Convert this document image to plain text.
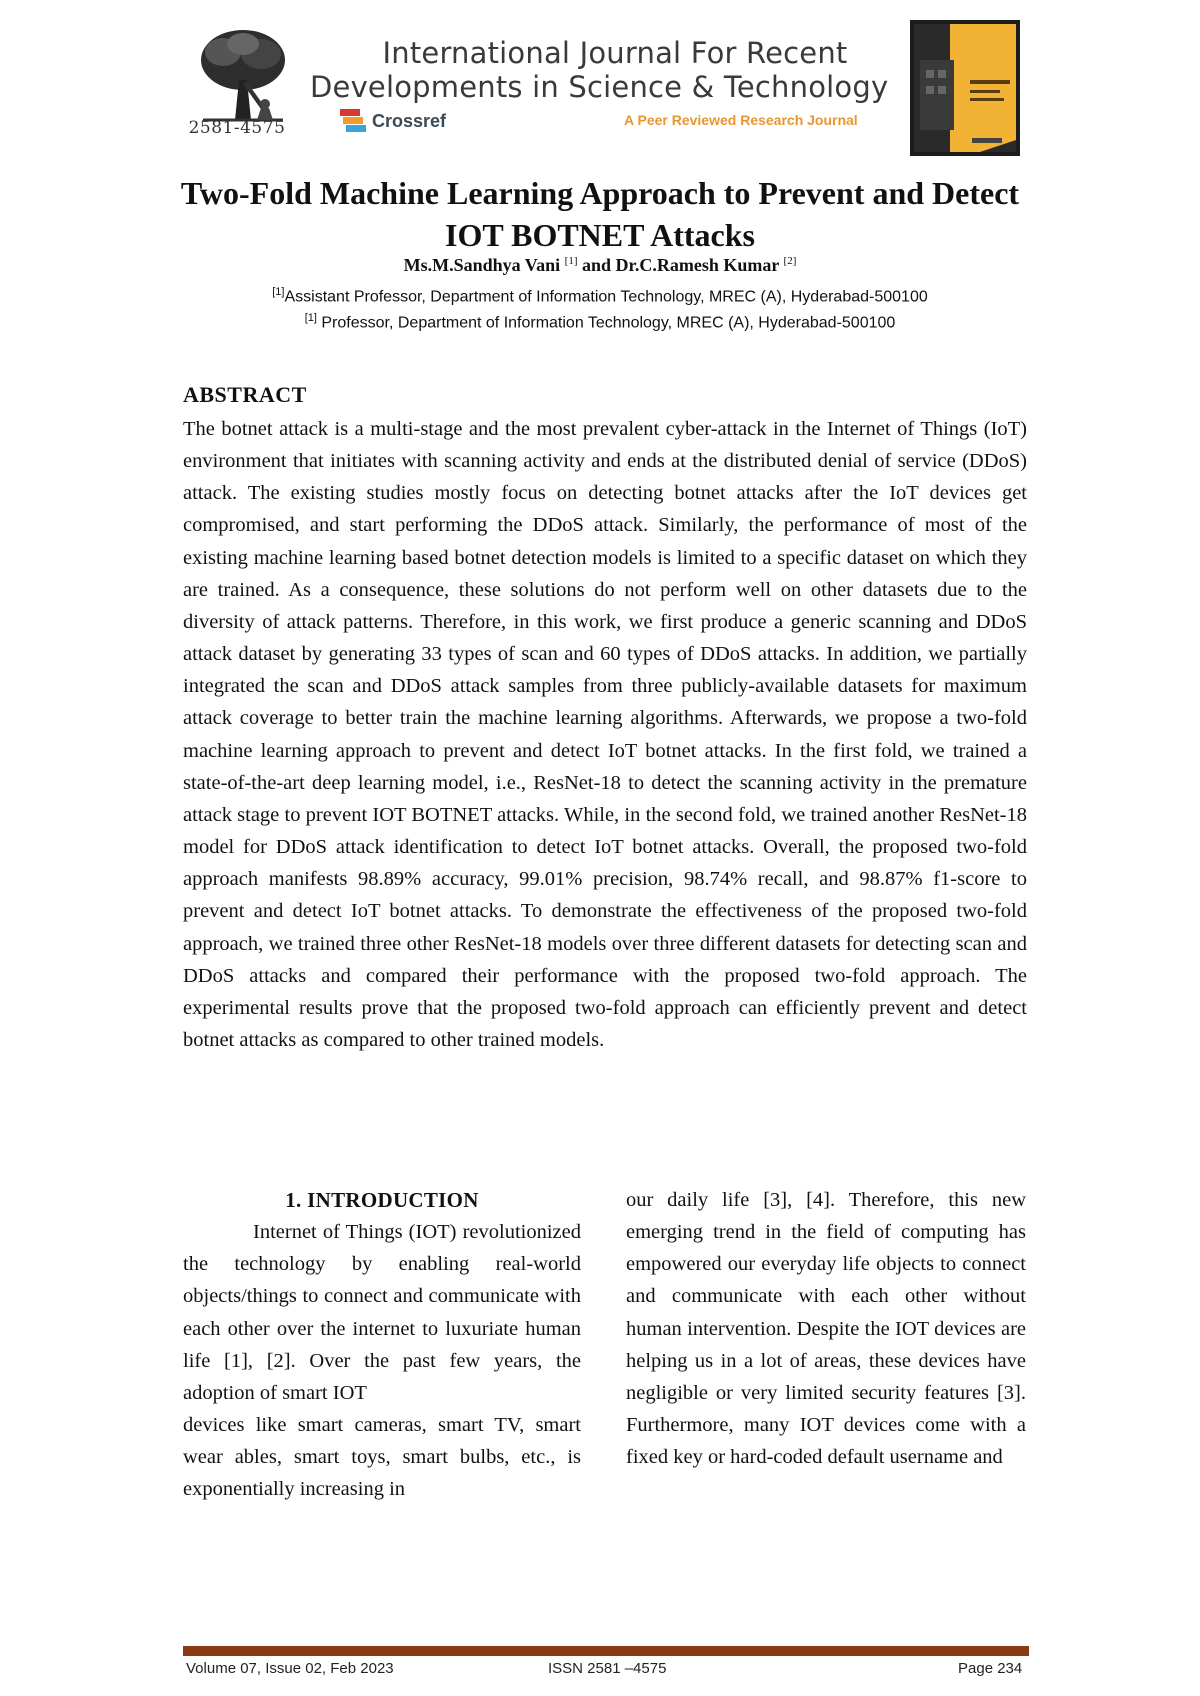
2581-4575
International Journal For Recent
Developments in Science & Technology
Crossref	A Peer Reviewed Research Journal
Two-Fold Machine Learning Approach to Prevent and Detect IOT BOTNET Attacks
Ms.M.Sandhya Vani [1] and Dr.C.Ramesh Kumar [2]
[1]Assistant Professor, Department of Information Technology, MREC (A), Hyderabad-500100
[1] Professor, Department of Information Technology, MREC (A), Hyderabad-500100
ABSTRACT

The botnet attack is a multi-stage and the most prevalent cyber-attack in the Internet of Things (IoT) environment that initiates with scanning activity and ends at the distributed denial of service (DDoS) attack. The existing studies mostly focus on detecting botnet attacks after the IoT devices get compromised, and start performing the DDoS attack. Similarly, the performance of most of the existing machine learning based botnet detection models is limited to a specific dataset on which they are trained. As a consequence, these solutions do not perform well on other datasets due to the diversity of attack patterns. Therefore, in this work, we first produce a generic scanning and DDoS attack dataset by generating 33 types of scan and 60 types of DDoS attacks. In addition, we partially integrated the scan and DDoS attack samples from three publicly-available datasets for maximum attack coverage to better train the machine learning algorithms. Afterwards, we propose a two-fold machine learning approach to prevent and detect IoT botnet attacks. In the first fold, we trained a state-of-the-art deep learning model, i.e., ResNet-18 to detect the scanning activity in the premature attack stage to prevent IOT BOTNET attacks. While, in the second fold, we trained another ResNet-18 model for DDoS attack identification to detect IoT botnet attacks. Overall, the proposed two-fold approach manifests 98.89% accuracy, 99.01% precision, 98.74% recall, and 98.87% f1-score to prevent and detect IoT botnet attacks. To demonstrate the effectiveness of the proposed two-fold approach, we trained three other ResNet-18 models over three different datasets for detecting scan and DDoS attacks and compared their performance with the proposed two-fold approach. The experimental results prove that the proposed two-fold approach can efficiently prevent and detect botnet attacks as compared to other trained models.

1. INTRODUCTION

Internet of Things (IOT) revolutionized the technology by enabling real-world objects/things to connect and communicate with each other over the internet to luxuriate human life [1], [2]. Over the past few years, the adoption of smart IOT

devices like smart cameras, smart TV, smart wear ables, smart toys, smart bulbs, etc., is exponentially increasing in

our daily life [3], [4]. Therefore, this new emerging trend in the field of computing has empowered our everyday life objects to connect and communicate with each other without human intervention. Despite the IOT devices are helping us in a lot of areas, these devices have negligible or very limited security features [3]. Furthermore, many IOT devices come with a fixed key or hard-coded default username and

Volume 07, Issue 02, Feb 2023	ISSN 2581 –4575	Page 234
